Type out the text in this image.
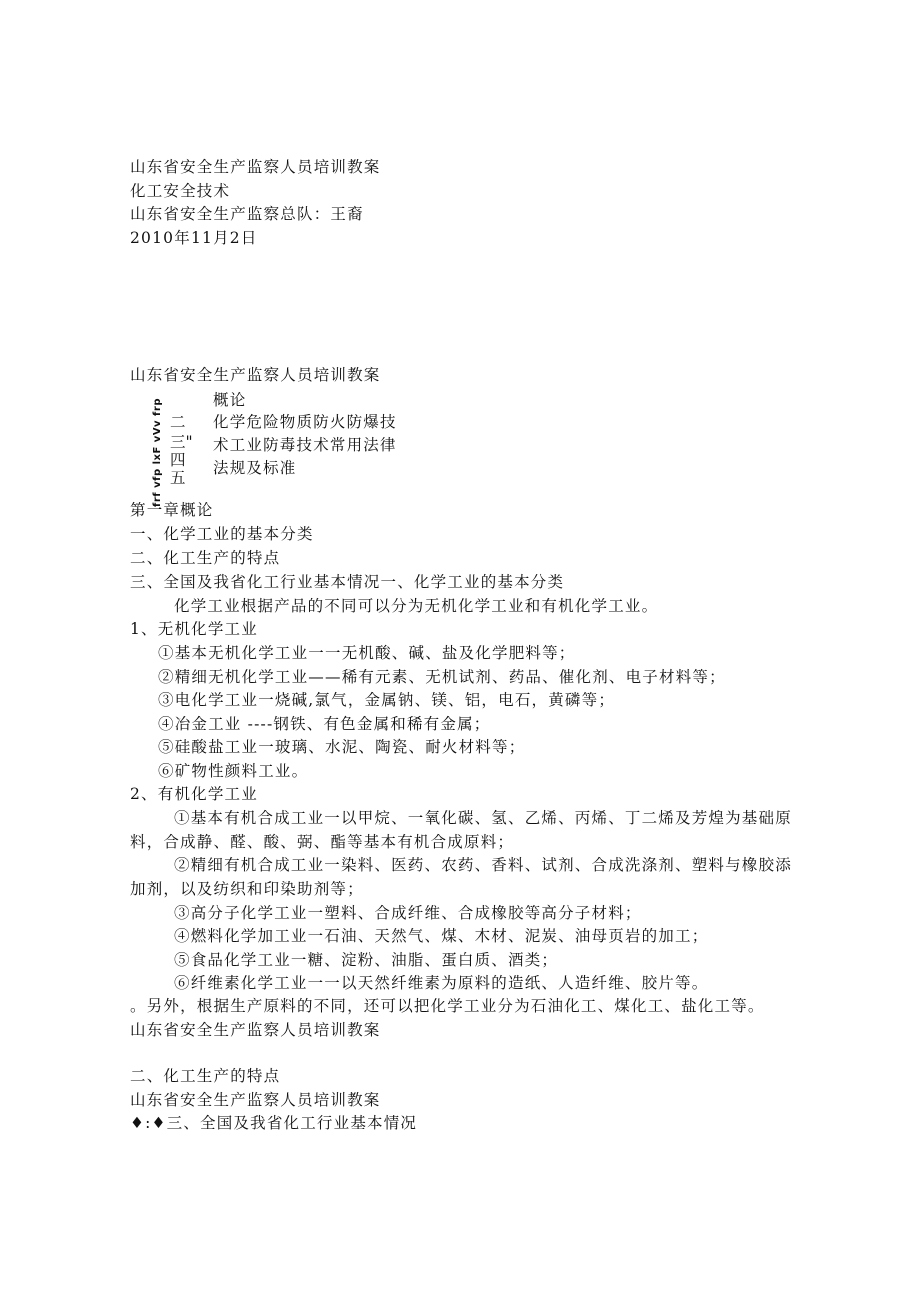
山东省安全生产监察人员培训教案
化工安全技术
山东省安全生产监察总队：王裔
2010年11月2日
山东省安全生产监察人员培训教案
概论
化学危险物质防火防爆技
术工业防毒技术常用法律
法规及标准
二
三"
四
五
frf vfp lxF vVv frp
第一章概论
一、化学工业的基本分类
二、化工生产的特点
三、全国及我省化工行业基本情况一、化学工业的基本分类
化学工业根据产品的不同可以分为无机化学工业和有机化学工业。
1、无机化学工业
①基本无机化学工业一一无机酸、碱、盐及化学肥料等；
②精细无机化学工业——稀有元素、无机试剂、药品、催化剂、电子材料等；
③电化学工业一烧碱,氯气，金属钠、镁、铝，电石，黄磷等；
④冶金工业 ----钢铁、有色金属和稀有金属；
⑤硅酸盐工业一玻璃、水泥、陶瓷、耐火材料等；
⑥矿物性颜料工业。
2、有机化学工业
①基本有机合成工业一以甲烷、一氧化碳、氢、乙烯、丙烯、丁二烯及芳煌为基础原
料，合成静、醛、酸、弼、酯等基本有机合成原料；
②精细有机合成工业一染料、医药、农药、香料、试剂、合成洗涤剂、塑料与橡胶添
加剂，以及纺织和印染助剂等；
③高分子化学工业一塑料、合成纤维、合成橡胶等高分子材料；
④燃料化学加工业一石油、天然气、煤、木材、泥炭、油母页岩的加工；
⑤食品化学工业一糖、淀粉、油脂、蛋白质、酒类；
⑥纤维素化学工业一一以天然纤维素为原料的造纸、人造纤维、胶片等。
。另外，根据生产原料的不同，还可以把化学工业分为石油化工、煤化工、盐化工等。
山东省安全生产监察人员培训教案
二、化工生产的特点
山东省安全生产监察人员培训教案
♦:♦三、全国及我省化工行业基本情况
